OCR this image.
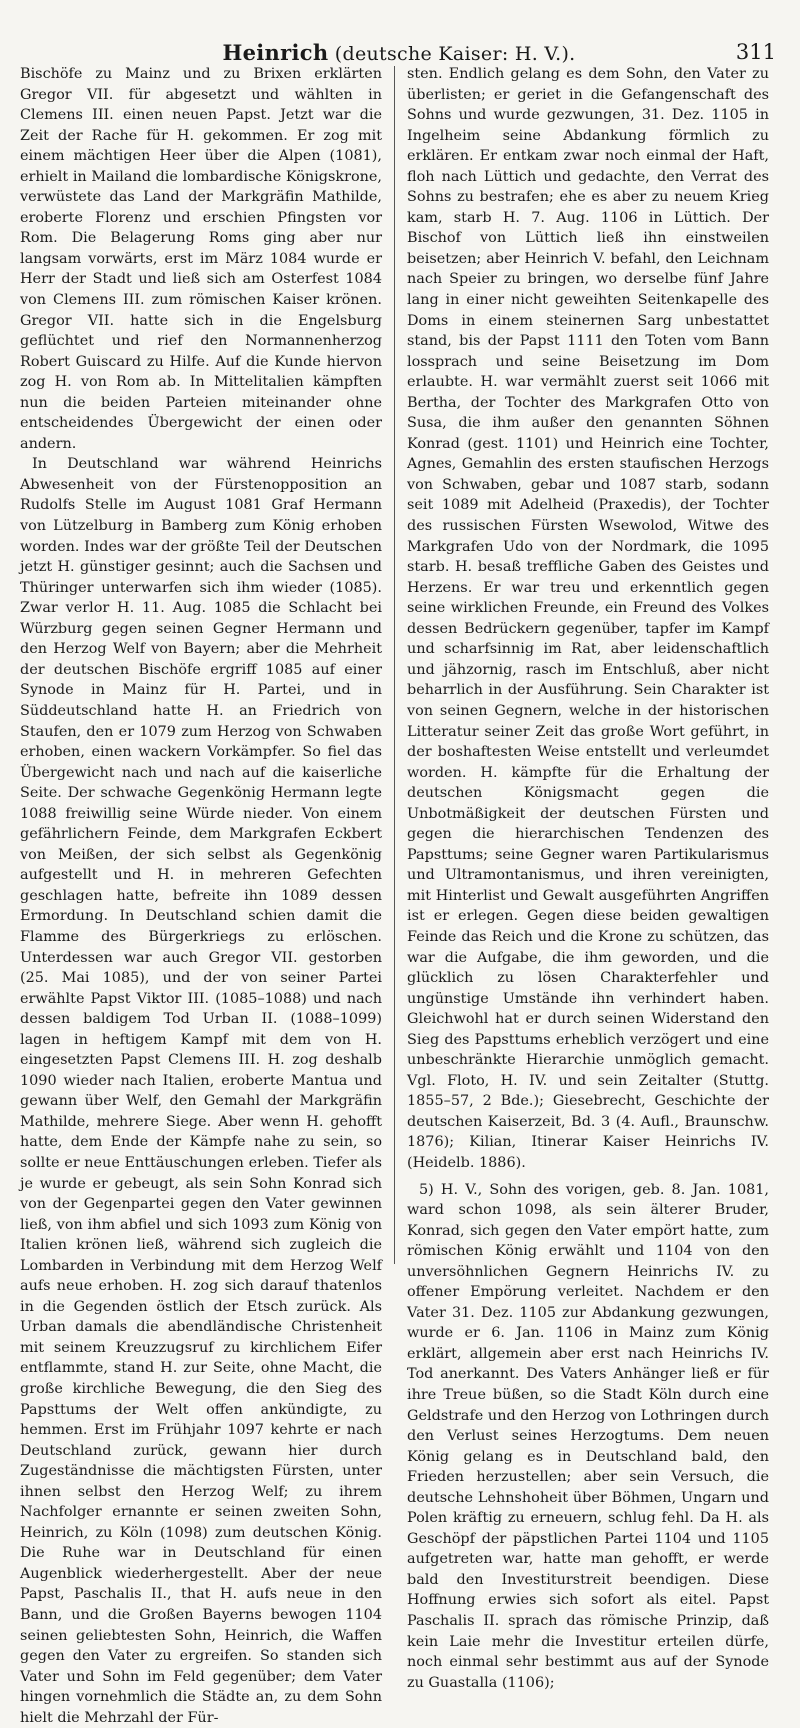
Heinrich (deutsche Kaiser: H. V.).	311

Bischöfe zu Mainz und zu Brixen erklärten Gregor VII. für abgesetzt und wählten in Clemens III. einen neuen Papst. Jetzt war die Zeit der Rache für H. gekommen. Er zog mit einem mächtigen Heer über die Alpen (1081), erhielt in Mailand die lombardische Königskrone, verwüstete das Land der Markgräfin Mathilde, eroberte Florenz und erschien Pfingsten vor Rom. Die Belagerung Roms ging aber nur langsam vorwärts, erst im März 1084 wurde er Herr der Stadt und ließ sich am Osterfest 1084 von Clemens III. zum römischen Kaiser krönen. Gregor VII. hatte sich in die Engelsburg geflüchtet und rief den Normannenherzog Robert Guiscard zu Hilfe. Auf die Kunde hiervon zog H. von Rom ab. In Mittelitalien kämpften nun die beiden Parteien miteinander ohne entscheidendes Übergewicht der einen oder andern.

In Deutschland war während Heinrichs Abwesenheit von der Fürstenopposition an Rudolfs Stelle im August 1081 Graf Hermann von Lützelburg in Bamberg zum König erhoben worden. Indes war der größte Teil der Deutschen jetzt H. günstiger gesinnt; auch die Sachsen und Thüringer unterwarfen sich ihm wieder (1085). Zwar verlor H. 11. Aug. 1085 die Schlacht bei Würzburg gegen seinen Gegner Hermann und den Herzog Welf von Bayern; aber die Mehrheit der deutschen Bischöfe ergriff 1085 auf einer Synode in Mainz für H. Partei, und in Süddeutschland hatte H. an Friedrich von Staufen, den er 1079 zum Herzog von Schwaben erhoben, einen wackern Vorkämpfer. So fiel das Übergewicht nach und nach auf die kaiserliche Seite. Der schwache Gegenkönig Hermann legte 1088 freiwillig seine Würde nieder. Von einem gefährlichern Feinde, dem Markgrafen Eckbert von Meißen, der sich selbst als Gegenkönig aufgestellt und H. in mehreren Gefechten geschlagen hatte, befreite ihn 1089 dessen Ermordung. In Deutschland schien damit die Flamme des Bürgerkriegs zu erlöschen. Unterdessen war auch Gregor VII. gestorben (25. Mai 1085), und der von seiner Partei erwählte Papst Viktor III. (1085–1088) und nach dessen baldigem Tod Urban II. (1088–1099) lagen in heftigem Kampf mit dem von H. eingesetzten Papst Clemens III. H. zog deshalb 1090 wieder nach Italien, eroberte Mantua und gewann über Welf, den Gemahl der Markgräfin Mathilde, mehrere Siege. Aber wenn H. gehofft hatte, dem Ende der Kämpfe nahe zu sein, so sollte er neue Enttäuschungen erleben. Tiefer als je wurde er gebeugt, als sein Sohn Konrad sich von der Gegenpartei gegen den Vater gewinnen ließ, von ihm abfiel und sich 1093 zum König von Italien krönen ließ, während sich zugleich die Lombarden in Verbindung mit dem Herzog Welf aufs neue erhoben. H. zog sich darauf thatenlos in die Gegenden östlich der Etsch zurück. Als Urban damals die abendländische Christenheit mit seinem Kreuzzugsruf zu kirchlichem Eifer entflammte, stand H. zur Seite, ohne Macht, die große kirchliche Bewegung, die den Sieg des Papsttums der Welt offen ankündigte, zu hemmen. Erst im Frühjahr 1097 kehrte er nach Deutschland zurück, gewann hier durch Zugeständnisse die mächtigsten Fürsten, unter ihnen selbst den Herzog Welf; zu ihrem Nachfolger ernannte er seinen zweiten Sohn, Heinrich, zu Köln (1098) zum deutschen König. Die Ruhe war in Deutschland für einen Augenblick wiederhergestellt. Aber der neue Papst, Paschalis II., that H. aufs neue in den Bann, und die Großen Bayerns bewogen 1104 seinen geliebtesten Sohn, Heinrich, die Waffen gegen den Vater zu ergreifen. So standen sich Vater und Sohn im Feld gegenüber; dem Vater hingen vornehmlich die Städte an, zu dem Sohn hielt die Mehrzahl der Für-

sten. Endlich gelang es dem Sohn, den Vater zu überlisten; er geriet in die Gefangenschaft des Sohns und wurde gezwungen, 31. Dez. 1105 in Ingelheim seine Abdankung förmlich zu erklären. Er entkam zwar noch einmal der Haft, floh nach Lüttich und gedachte, den Verrat des Sohns zu bestrafen; ehe es aber zu neuem Krieg kam, starb H. 7. Aug. 1106 in Lüttich. Der Bischof von Lüttich ließ ihn einstweilen beisetzen; aber Heinrich V. befahl, den Leichnam nach Speier zu bringen, wo derselbe fünf Jahre lang in einer nicht geweihten Seitenkapelle des Doms in einem steinernen Sarg unbestattet stand, bis der Papst 1111 den Toten vom Bann lossprach und seine Beisetzung im Dom erlaubte. H. war vermählt zuerst seit 1066 mit Bertha, der Tochter des Markgrafen Otto von Susa, die ihm außer den genannten Söhnen Konrad (gest. 1101) und Heinrich eine Tochter, Agnes, Gemahlin des ersten staufischen Herzogs von Schwaben, gebar und 1087 starb, sodann seit 1089 mit Adelheid (Praxedis), der Tochter des russischen Fürsten Wsewolod, Witwe des Markgrafen Udo von der Nordmark, die 1095 starb. H. besaß treffliche Gaben des Geistes und Herzens. Er war treu und erkenntlich gegen seine wirklichen Freunde, ein Freund des Volkes dessen Bedrückern gegenüber, tapfer im Kampf und scharfsinnig im Rat, aber leidenschaftlich und jähzornig, rasch im Entschluß, aber nicht beharrlich in der Ausführung. Sein Charakter ist von seinen Gegnern, welche in der historischen Litteratur seiner Zeit das große Wort geführt, in der boshaftesten Weise entstellt und verleumdet worden. H. kämpfte für die Erhaltung der deutschen Königsmacht gegen die Unbotmäßigkeit der deutschen Fürsten und gegen die hierarchischen Tendenzen des Papsttums; seine Gegner waren Partikularismus und Ultramontanismus, und ihren vereinigten, mit Hinterlist und Gewalt ausgeführten Angriffen ist er erlegen. Gegen diese beiden gewaltigen Feinde das Reich und die Krone zu schützen, das war die Aufgabe, die ihm geworden, und die glücklich zu lösen Charakterfehler und ungünstige Umstände ihn verhindert haben. Gleichwohl hat er durch seinen Widerstand den Sieg des Papsttums erheblich verzögert und eine unbeschränkte Hierarchie unmöglich gemacht. Vgl. Floto, H. IV. und sein Zeitalter (Stuttg. 1855–57, 2 Bde.); Giesebrecht, Geschichte der deutschen Kaiserzeit, Bd. 3 (4. Aufl., Braunschw. 1876); Kilian, Itinerar Kaiser Heinrichs IV. (Heidelb. 1886).

5) H. V., Sohn des vorigen, geb. 8. Jan. 1081, ward schon 1098, als sein älterer Bruder, Konrad, sich gegen den Vater empört hatte, zum römischen König erwählt und 1104 von den unversöhnlichen Gegnern Heinrichs IV. zu offener Empörung verleitet. Nachdem er den Vater 31. Dez. 1105 zur Abdankung gezwungen, wurde er 6. Jan. 1106 in Mainz zum König erklärt, allgemein aber erst nach Heinrichs IV. Tod anerkannt. Des Vaters Anhänger ließ er für ihre Treue büßen, so die Stadt Köln durch eine Geldstrafe und den Herzog von Lothringen durch den Verlust seines Herzogtums. Dem neuen König gelang es in Deutschland bald, den Frieden herzustellen; aber sein Versuch, die deutsche Lehnshoheit über Böhmen, Ungarn und Polen kräftig zu erneuern, schlug fehl. Da H. als Geschöpf der päpstlichen Partei 1104 und 1105 aufgetreten war, hatte man gehofft, er werde bald den Investiturstreit beendigen. Diese Hoffnung erwies sich sofort als eitel. Papst Paschalis II. sprach das römische Prinzip, daß kein Laie mehr die Investitur erteilen dürfe, noch einmal sehr bestimmt aus auf der Synode zu Guastalla (1106);
